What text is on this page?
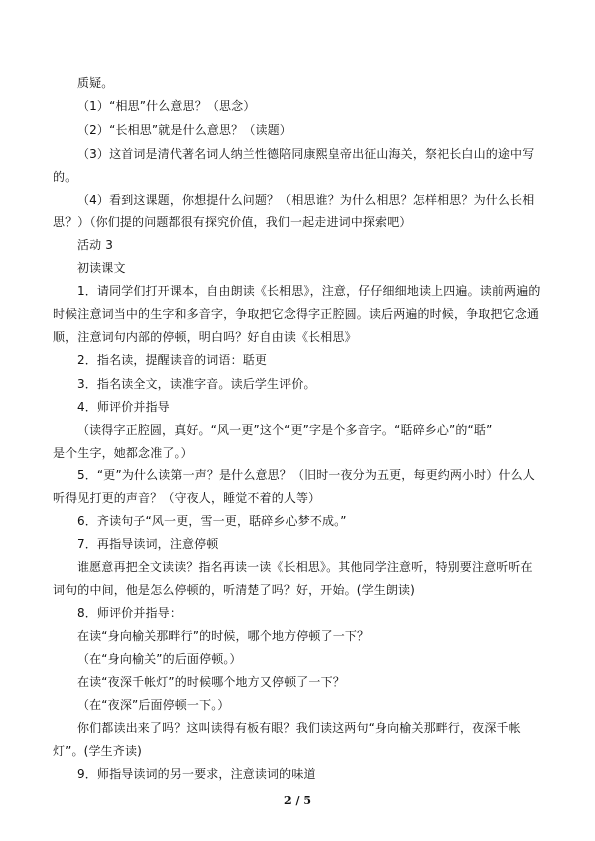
质疑。
（1）“相思”什么意思？（思念）
（2）“长相思”就是什么意思？（读题）
（3）这首词是清代著名词人纳兰性德陪同康熙皇帝出征山海关，祭祀长白山的途中写
的。
（4）看到这课题，你想提什么问题？（相思谁？为什么相思？怎样相思？为什么长相
思？）（你们提的问题都很有探究价值，我们一起走进词中探索吧）
活动 3
初读课文
1．请同学们打开课本，自由朗读《长相思》，注意，仔仔细细地读上四遍。读前两遍的
时候注意词当中的生字和多音字，争取把它念得字正腔圆。读后两遍的时候，争取把它念通
顺，注意词句内部的停顿，明白吗？好自由读《长相思》
2．指名读，提醒读音的词语：聒更
3．指名读全文，读准字音。读后学生评价。
4．师评价并指导
（读得字正腔圆，真好。“风一更”这个“更”字是个多音字。“聒碎乡心”的“聒”
是个生字，她都念准了。）
5．“更”为什么读第一声？是什么意思？（旧时一夜分为五更，每更约两小时）什么人
听得见打更的声音？（守夜人，睡觉不着的人等）
6．齐读句子“风一更，雪一更，聒碎乡心梦不成。”
7．再指导读词，注意停顿
谁愿意再把全文读读？指名再读一读《长相思》。其他同学注意听，特别要注意听听在
词句的中间，他是怎么停顿的，听清楚了吗？好，开始。(学生朗读)
8．师评价并指导：
在读“身向榆关那畔行”的时候，哪个地方停顿了一下？
（在“身向榆关”的后面停顿。）
在读“夜深千帐灯”的时候哪个地方又停顿了一下？
（在“夜深”后面停顿一下。）
你们都读出来了吗？这叫读得有板有眼？我们读这两句“身向榆关那畔行，夜深千帐
灯”。(学生齐读)
9．师指导读词的另一要求，注意读词的味道
2 / 5
